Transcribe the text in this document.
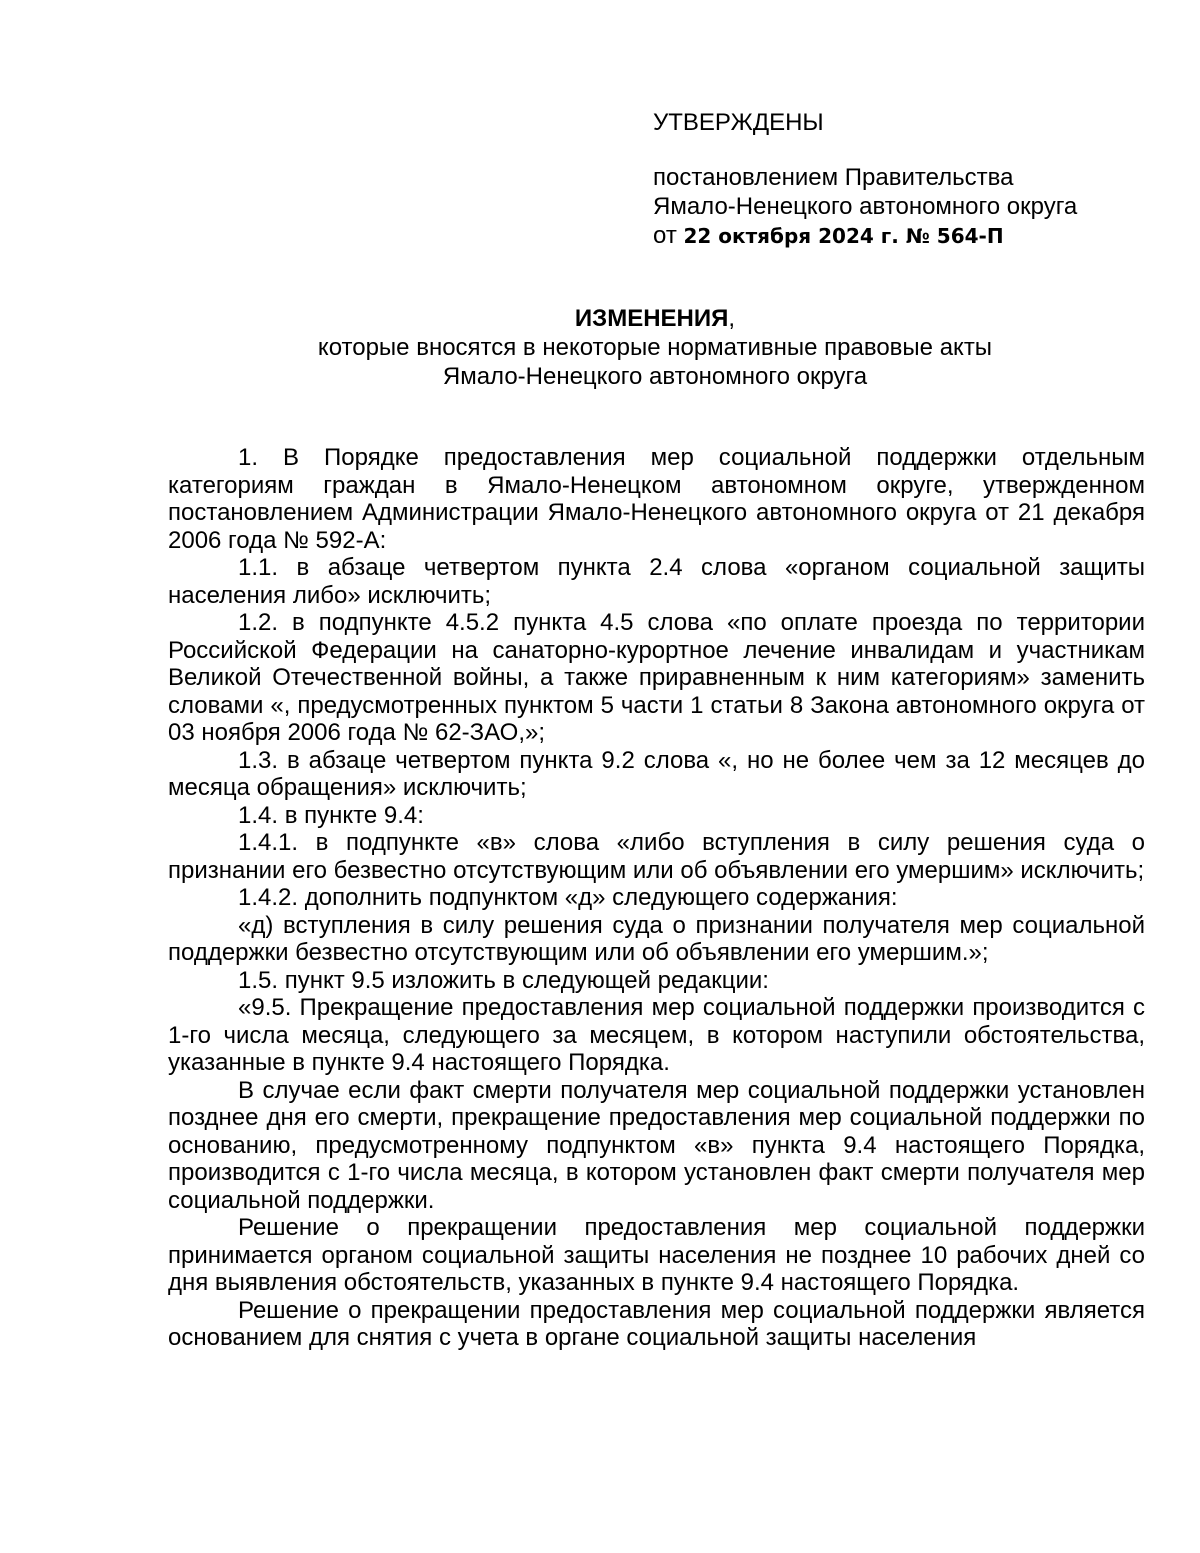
УТВЕРЖДЕНЫ
постановлением Правительства
Ямало-Ненецкого автономного округа
от 22 октября 2024 г. № 564-П
ИЗМЕНЕНИЯ,
которые вносятся в некоторые нормативные правовые акты
Ямало-Ненецкого автономного округа

1. В Порядке предоставления мер социальной поддержки отдельным категориям граждан в Ямало-Ненецком автономном округе, утвержденном постановлением Администрации Ямало-Ненецкого автономного округа от 21 декабря 2006 года № 592-А:

1.1. в абзаце четвертом пункта 2.4 слова «органом социальной защиты населения либо» исключить;

1.2. в подпункте 4.5.2 пункта 4.5 слова «по оплате проезда по территории Российской Федерации на санаторно-курортное лечение инвалидам и участникам Великой Отечественной войны, а также приравненным к ним категориям» заменить словами «, предусмотренных пунктом 5 части 1 статьи 8 Закона автономного округа от 03 ноября 2006 года № 62-ЗАО,»;

1.3. в абзаце четвертом пункта 9.2 слова «, но не более чем за 12 месяцев до месяца обращения» исключить;

1.4. в пункте 9.4:

1.4.1. в подпункте «в» слова «либо вступления в силу решения суда о признании его безвестно отсутствующим или об объявлении его умершим» исключить;

1.4.2. дополнить подпунктом «д» следующего содержания:

«д) вступления в силу решения суда о признании получателя мер социальной поддержки безвестно отсутствующим или об объявлении его умершим.»;

1.5. пункт 9.5 изложить в следующей редакции:

«9.5. Прекращение предоставления мер социальной поддержки производится с 1-го числа месяца, следующего за месяцем, в котором наступили обстоятельства, указанные в пункте 9.4 настоящего Порядка.

В случае если факт смерти получателя мер социальной поддержки установлен позднее дня его смерти, прекращение предоставления мер социальной поддержки по основанию, предусмотренному подпунктом «в» пункта 9.4 настоящего Порядка, производится с 1-го числа месяца, в котором установлен факт смерти получателя мер социальной поддержки.

Решение о прекращении предоставления мер социальной поддержки принимается органом социальной защиты населения не позднее 10 рабочих дней со дня выявления обстоятельств, указанных в пункте 9.4 настоящего Порядка.

Решение о прекращении предоставления мер социальной поддержки является основанием для снятия с учета в органе социальной защиты населения
